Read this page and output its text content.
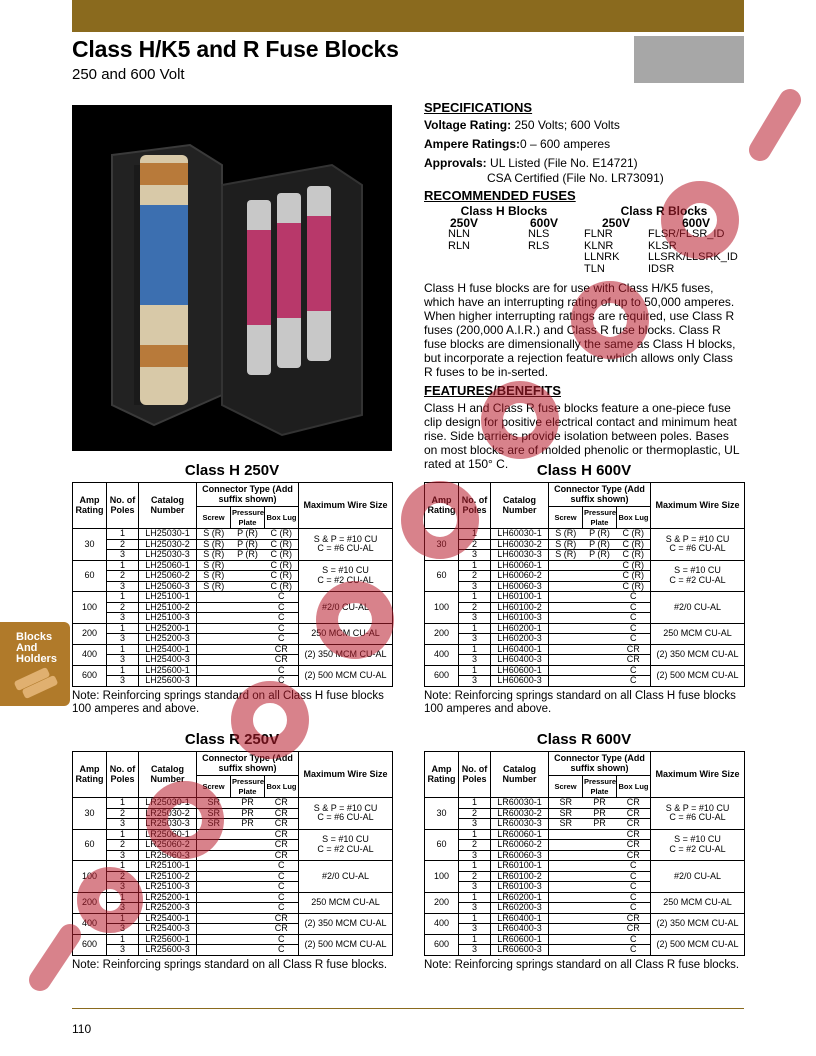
Class H/K5 and R Fuse Blocks
250 and 600 Volt
SPECIFICATIONS
Voltage Rating: 250 Volts; 600 Volts
Ampere Ratings:0 – 600 amperes
Approvals: UL Listed (File No. E14721)
CSA Certified (File No. LR73091)
RECOMMENDED FUSES
Class H Blocks
250V	600V
NLN	NLS
RLN	RLS
Class R Blocks
250V	600V
FLNR	FLSR/FLSR_ID
KLNR	KLSR
LLNRK	LLSRK/LLSRK_ID
TLN	IDSR
Class H fuse blocks are for use with Class H/K5 fuses, which have an interrupting rating of up to 50,000 amperes. When higher interrupting ratings are required, use Class R fuses (200,000 A.I.R.) and Class R fuse blocks. Class R fuse blocks are dimensionally the same as Class H blocks, but incorporate a rejection feature which allows only Class R fuses to be in-serted.
FEATURES/BENEFITS
Class H and Class R fuse blocks feature a one-piece fuse clip design for positive electrical contact and minimum heat rise. Side barriers provide isolation between poles. Bases on most blocks are of molded phenolic or thermoplastic, UL rated at 150° C.
Class H 250V
Amp Rating	No. of Poles	Catalog Number	Connector Type (Add suffix shown)			Maximum Wire Size
			Screw	Pressure Plate	Box Lug	
30	1	LH25030-1	S (R)	P (R)	C (R)	S & P = #10 CU
C = #6 CU-AL

	2	LH25030-2	S (R)	P (R)	C (R)	
	3	LH25030-3	S (R)	P (R)	C (R)	
60	1	LH25060-1	S (R)		C (R)	S = #10 CU
C = #2 CU-AL

	2	LH25060-2	S (R)		C (R)	
	3	LH25060-3	S (R)		C (R)	
100	1	LH25100-1			C	#2/0 CU-AL

	2	LH25100-2			C	
	3	LH25100-3			C	
200	1	LH25200-1			C	250 MCM CU-AL

	3	LH25200-3			C	
400	1	LH25400-1			CR	(2) 350 MCM CU-AL

	3	LH25400-3			CR	
600	1	LH25600-1			C	(2) 500 MCM CU-AL

	3	LH25600-3			C	
Note: Reinforcing springs standard on all Class H fuse blocks 100 amperes and above.
Class H 600V
Amp Rating	No. of Poles	Catalog Number	Connector Type (Add suffix shown)			Maximum Wire Size
			Screw	Pressure Plate	Box Lug	
30	1	LH60030-1	S (R)	P (R)	C (R)	S & P = #10 CU
C = #6 CU-AL

	2	LH60030-2	S (R)	P (R)	C (R)	
	3	LH60030-3	S (R)	P (R)	C (R)	
60	1	LH60060-1			C (R)	S = #10 CU
C = #2 CU-AL

	2	LH60060-2			C (R)	
	3	LH60060-3			C (R)	
100	1	LH60100-1			C	#2/0 CU-AL

	2	LH60100-2			C	
	3	LH60100-3			C	
200	1	LH60200-1			C	250 MCM CU-AL

	3	LH60200-3			C	
400	1	LH60400-1			CR	(2) 350 MCM CU-AL

	3	LH60400-3			CR	
600	1	LH60600-1			C	(2) 500 MCM CU-AL

	3	LH60600-3			C	
Note: Reinforcing springs standard on all Class H fuse blocks 100 amperes and above.
Class R 250V
Amp Rating	No. of Poles	Catalog Number	Connector Type (Add suffix shown)			Maximum Wire Size
			Screw	Pressure Plate	Box Lug	
30	1	LR25030-1	SR	PR	CR	S & P = #10 CU
C = #6 CU-AL

	2	LR25030-2	SR	PR	CR	
	3	LR25030-3	SR	PR	CR	
60	1	LR25060-1			CR	S = #10 CU
C = #2 CU-AL

	2	LR25060-2			CR	
	3	LR25060-3			CR	
100	1	LR25100-1			C	#2/0 CU-AL

	2	LR25100-2			C	
	3	LR25100-3			C	
200	1	LR25200-1			C	250 MCM CU-AL

	3	LR25200-3			C	
400	1	LR25400-1			CR	(2) 350 MCM CU-AL

	3	LR25400-3			CR	
600	1	LR25600-1			C	(2) 500 MCM CU-AL

	3	LR25600-3			C	
Note: Reinforcing springs standard on all Class R fuse blocks.
Class R 600V
Amp Rating	No. of Poles	Catalog Number	Connector Type (Add suffix shown)			Maximum Wire Size
			Screw	Pressure Plate	Box Lug	
30	1	LR60030-1	SR	PR	CR	S & P = #10 CU
C = #6 CU-AL

	2	LR60030-2	SR	PR	CR	
	3	LR60030-3	SR	PR	CR	
60	1	LR60060-1			CR	S = #10 CU
C = #2 CU-AL

	2	LR60060-2			CR	
	3	LR60060-3			CR	
100	1	LR60100-1			C	#2/0 CU-AL

	2	LR60100-2			C	
	3	LR60100-3			C	
200	1	LR60200-1			C	250 MCM CU-AL

	3	LR60200-3			C	
400	1	LR60400-1			CR	(2) 350 MCM CU-AL

	3	LR60400-3			CR	
600	1	LR60600-1			C	(2) 500 MCM CU-AL

	3	LR60600-3			C	
Note: Reinforcing springs standard on all Class R fuse blocks.
Blocks
And
Holders
110
